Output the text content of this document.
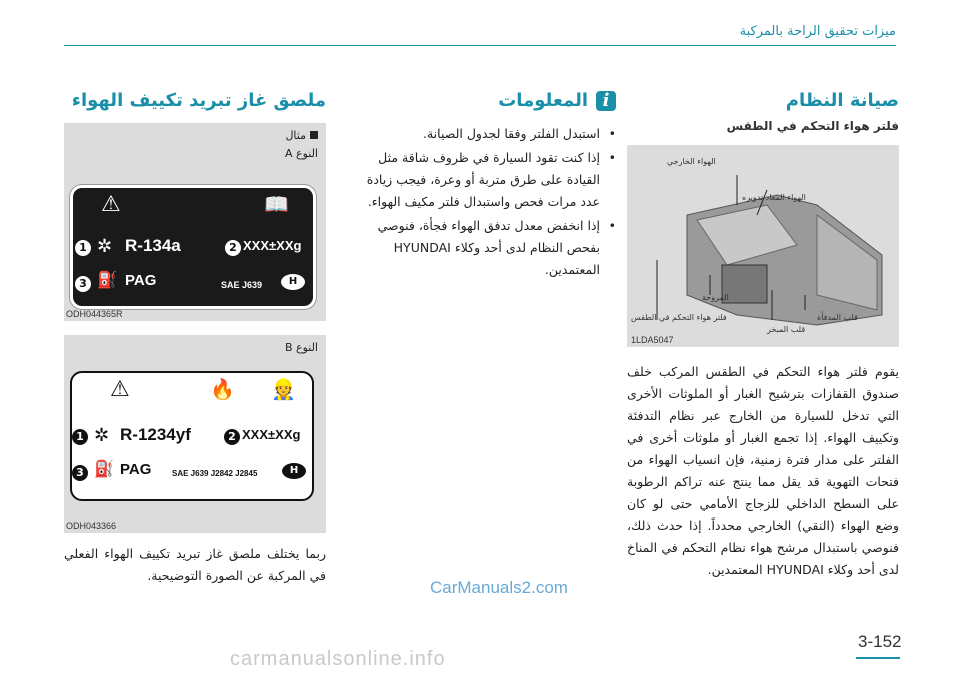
ميزات تحقيق الراحة بالمركبة
صيانة النظام
فلتر هواء التحكم في الطقس
الهواء الخارجي
الهواء المعاد تدويره
المروحة
فلتر هواء التحكم في الطقس	قلب المدفأة
قلب المبخر
1LDA5047
يقوم فلتر هواء التحكم في الطقس المركب خلف صندوق القفازات بترشيح الغبار أو الملوثات الأخرى التي تدخل للسيارة من الخارج عبر نظام التدفئة وتكييف الهواء. إذا تجمع الغبار أو ملوثات أخرى في الفلتر على مدار فترة زمنية، فإن انسياب الهواء من فتحات التهوية قد يقل مما ينتج عنه تراكم الرطوبة على السطح الداخلي للزجاج الأمامي حتى لو كان وضع الهواء (النقي) الخارجي محدداً. إذا حدث ذلك، فنوصي باستبدال مرشح هواء نظام التحكم في المناخ لدى أحد وكلاء HYUNDAI المعتمدين.
iالمعلومات
• استبدل الفلتر وفقا لجدول الصيانة.
• إذا كنت تقود السيارة في ظروف شاقة مثل القيادة على طرق متربة أو وعرة، فيجب زيادة عدد مرات فحص واستبدال فلتر مكيف الهواء.
• إذا انخفض معدل تدفق الهواء فجأة، فنوصي بفحص النظام لدى أحد وكلاء HYUNDAI المعتمدين.
ملصق غاز تبريد تكييف الهواء
مثال
النوع A
⚠	📖
1 ✲ R-134a	2 XXX±XXg
3 ⛽ PAG	SAE J639	H
ODH044365R
النوع B
⚠	🔥 👷
1 ✲ R-1234yf	2 XXX±XXg
3 ⛽ PAG	SAE J639 J2842 J2845	H
ODH043366
ربما يختلف ملصق غاز تبريد تكييف الهواء الفعلي في المركبة عن الصورة التوضيحية.
CarManuals2.com
3-152
carmanualsonline.info
